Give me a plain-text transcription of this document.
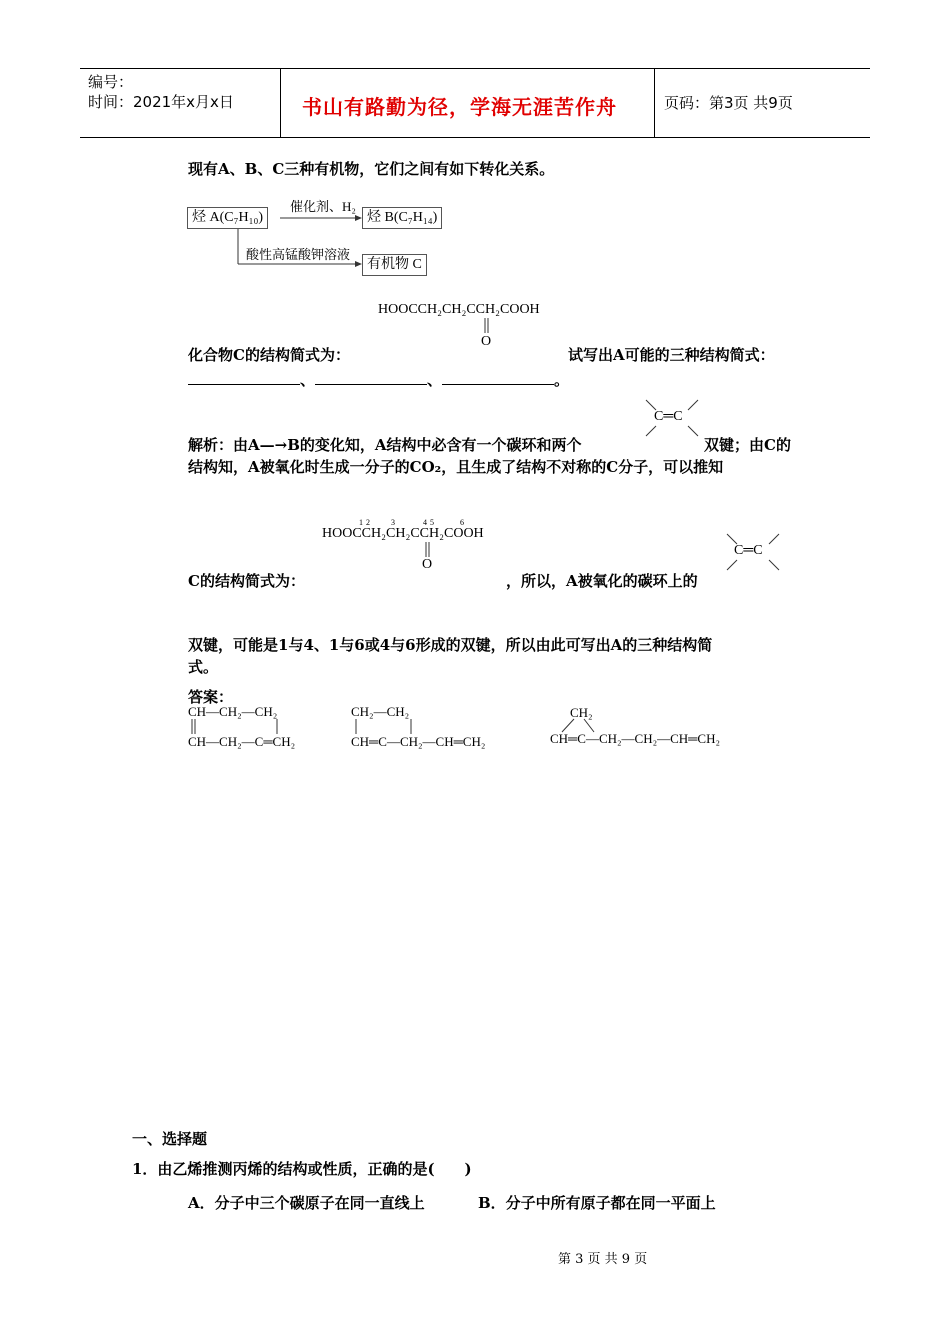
编号：
时间：2021年x月x日	书山有路勤为径，学海无涯苦作舟	页码：第3页 共9页
现有A、B、C三种有机物，它们之间有如下转化关系。
烃 A(C₇H₁₀)	烃 B(C₇H₁₄)
有机物 C
催化剂、H₂
酸性高锰酸钾溶液
HOOCCH₂CH₂CCH₂COOH
O
化合物C的结构简式为：	试写出A可能的三种结构简式：
、	、	。
C═C
解析：由A—→B的变化知，A结构中必含有一个碳环和两个	双键；由C的
结构知，A被氧化时生成一分子的CO₂，且生成了结构不对称的C分子，可以推知
1 2	3	4 5	6
HOOCCH₂CH₂CCH₂COOH
O
C═C
C的结构简式为：	，所以，A被氧化的碳环上的
双键，可能是1与4、1与6或4与6形成的双键，所以由此可写出A的三种结构简
式。
答案：
CH—CH₂—CH₂
CH—CH₂—C═CH₂
CH₂—CH₂
CH═C—CH₂—CH═CH₂
CH₂
CH═C—CH₂—CH₂—CH═CH₂
一、选择题
1．由乙烯推测丙烯的结构或性质，正确的是(　　)
A．分子中三个碳原子在同一直线上	B．分子中所有原子都在同一平面上
第 3 页 共 9 页
